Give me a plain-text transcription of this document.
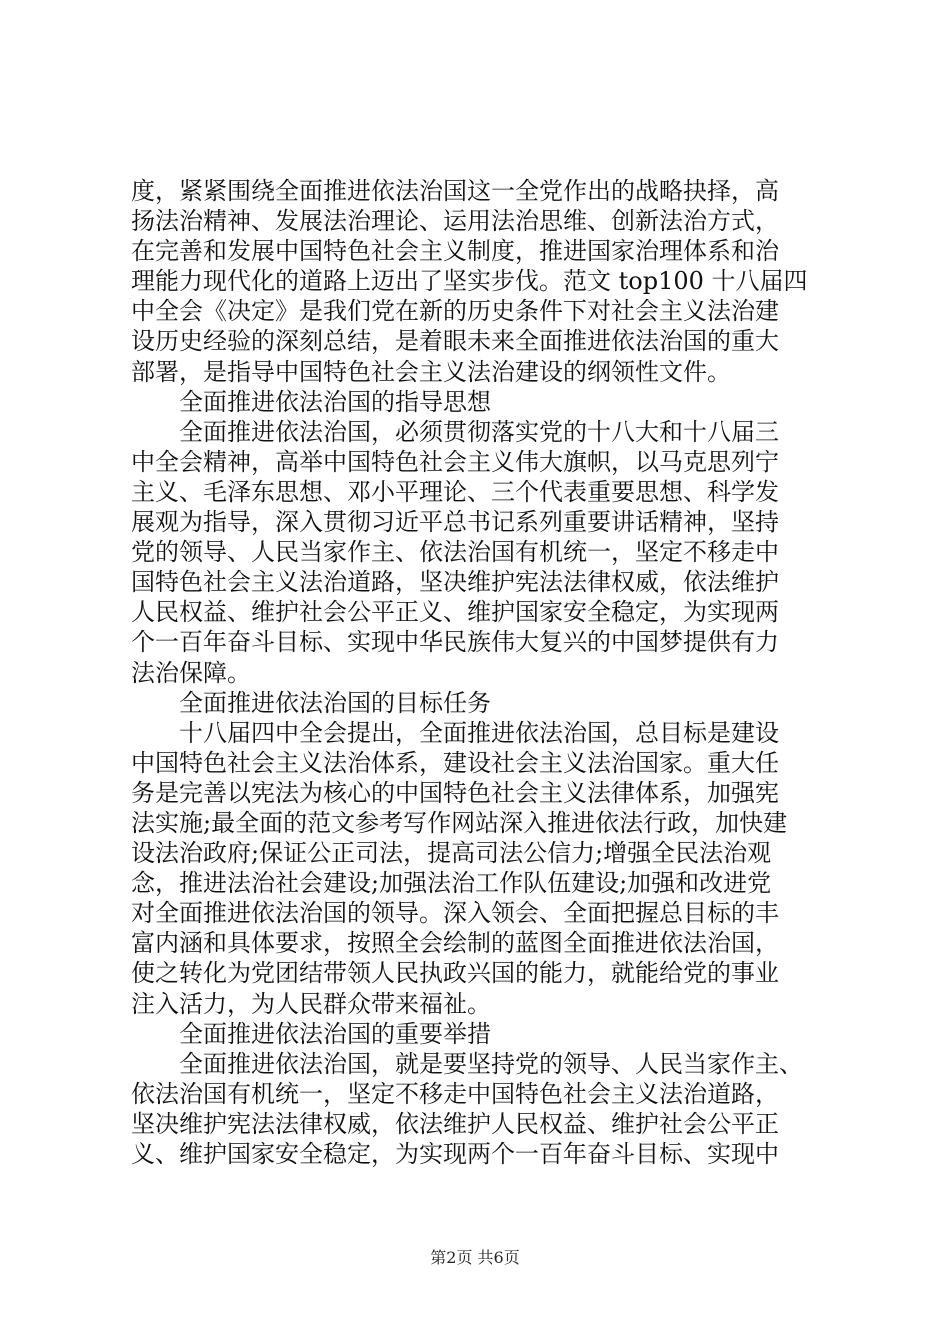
度，紧紧围绕全面推进依法治国这一全党作出的战略抉择，高
扬法治精神、发展法治理论、运用法治思维、创新法治方式，
在完善和发展中国特色社会主义制度，推进国家治理体系和治
理能力现代化的道路上迈出了坚实步伐。范文 top100 十八届四
中全会《决定》是我们党在新的历史条件下对社会主义法治建
设历史经验的深刻总结，是着眼未来全面推进依法治国的重大
部署，是指导中国特色社会主义法治建设的纲领性文件。
　　全面推进依法治国的指导思想
　　全面推进依法治国，必须贯彻落实党的十八大和十八届三
中全会精神，高举中国特色社会主义伟大旗帜，以马克思列宁
主义、毛泽东思想、邓小平理论、三个代表重要思想、科学发
展观为指导，深入贯彻习近平总书记系列重要讲话精神，坚持
党的领导、人民当家作主、依法治国有机统一，坚定不移走中
国特色社会主义法治道路，坚决维护宪法法律权威，依法维护
人民权益、维护社会公平正义、维护国家安全稳定，为实现两
个一百年奋斗目标、实现中华民族伟大复兴的中国梦提供有力
法治保障。
　　全面推进依法治国的目标任务
　　十八届四中全会提出，全面推进依法治国，总目标是建设
中国特色社会主义法治体系，建设社会主义法治国家。重大任
务是完善以宪法为核心的中国特色社会主义法律体系，加强宪
法实施;最全面的范文参考写作网站深入推进依法行政，加快建
设法治政府;保证公正司法，提高司法公信力;增强全民法治观
念，推进法治社会建设;加强法治工作队伍建设;加强和改进党
对全面推进依法治国的领导。深入领会、全面把握总目标的丰
富内涵和具体要求，按照全会绘制的蓝图全面推进依法治国，
使之转化为党团结带领人民执政兴国的能力，就能给党的事业
注入活力，为人民群众带来福祉。
　　全面推进依法治国的重要举措
　　全面推进依法治国，就是要坚持党的领导、人民当家作主、
依法治国有机统一，坚定不移走中国特色社会主义法治道路，
坚决维护宪法法律权威，依法维护人民权益、维护社会公平正
义、维护国家安全稳定，为实现两个一百年奋斗目标、实现中
第2页 共6页
